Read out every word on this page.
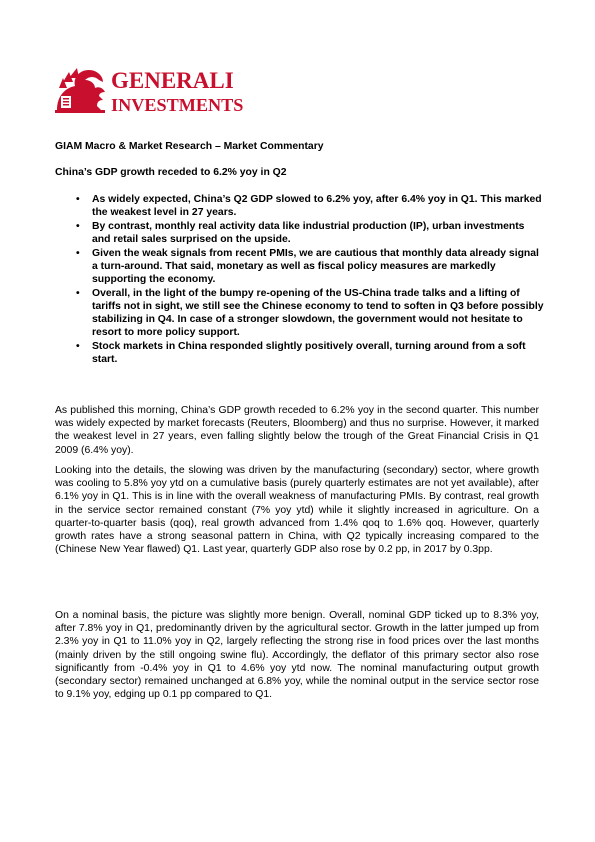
GENERALI
INVESTMENTS

GIAM Macro & Market Research – Market Commentary

China’s GDP growth receded to 6.2% yoy in Q2

• As widely expected, China’s Q2 GDP slowed to 6.2% yoy, after 6.4% yoy in Q1. This marked the weakest level in 27 years.
• By contrast, monthly real activity data like industrial production (IP), urban investments and retail sales surprised on the upside.
• Given the weak signals from recent PMIs, we are cautious that monthly data already signal a turn-around. That said, monetary as well as fiscal policy measures are markedly supporting the economy.
• Overall, in the light of the bumpy re-opening of the US-China trade talks and a lifting of tariffs not in sight, we still see the Chinese economy to tend to soften in Q3 before possibly stabilizing in Q4. In case of a stronger slowdown, the government would not hesitate to resort to more policy support.
• Stock markets in China responded slightly positively overall, turning around from a soft start.

As published this morning, China’s GDP growth receded to 6.2% yoy in the second quarter. This number was widely expected by market forecasts (Reuters, Bloomberg) and thus no surprise. However, it marked the weakest level in 27 years, even falling slightly below the trough of the Great Financial Crisis in Q1 2009 (6.4% yoy).

Looking into the details, the slowing was driven by the manufacturing (secondary) sector, where growth was cooling to 5.8% yoy ytd on a cumulative basis (purely quarterly estimates are not yet available), after 6.1% yoy in Q1. This is in line with the overall weakness of manufacturing PMIs. By contrast, real growth in the service sector remained constant (7% yoy ytd) while it slightly increased in agriculture. On a quarter-to-quarter basis (qoq), real growth advanced from 1.4% qoq to 1.6% qoq. However, quarterly growth rates have a strong seasonal pattern in China, with Q2 typically increasing compared to the (Chinese New Year flawed) Q1. Last year, quarterly GDP also rose by 0.2 pp, in 2017 by 0.3pp.

On a nominal basis, the picture was slightly more benign. Overall, nominal GDP ticked up to 8.3% yoy, after 7.8% yoy in Q1, predominantly driven by the agricultural sector. Growth in the latter jumped up from 2.3% yoy in Q1 to 11.0% yoy in Q2, largely reflecting the strong rise in food prices over the last months (mainly driven by the still ongoing swine flu). Accordingly, the deflator of this primary sector also rose significantly from -0.4% yoy in Q1 to 4.6% yoy ytd now. The nominal manufacturing output growth (secondary sector) remained unchanged at 6.8% yoy, while the nominal output in the service sector rose to 9.1% yoy, edging up 0.1 pp compared to Q1.
